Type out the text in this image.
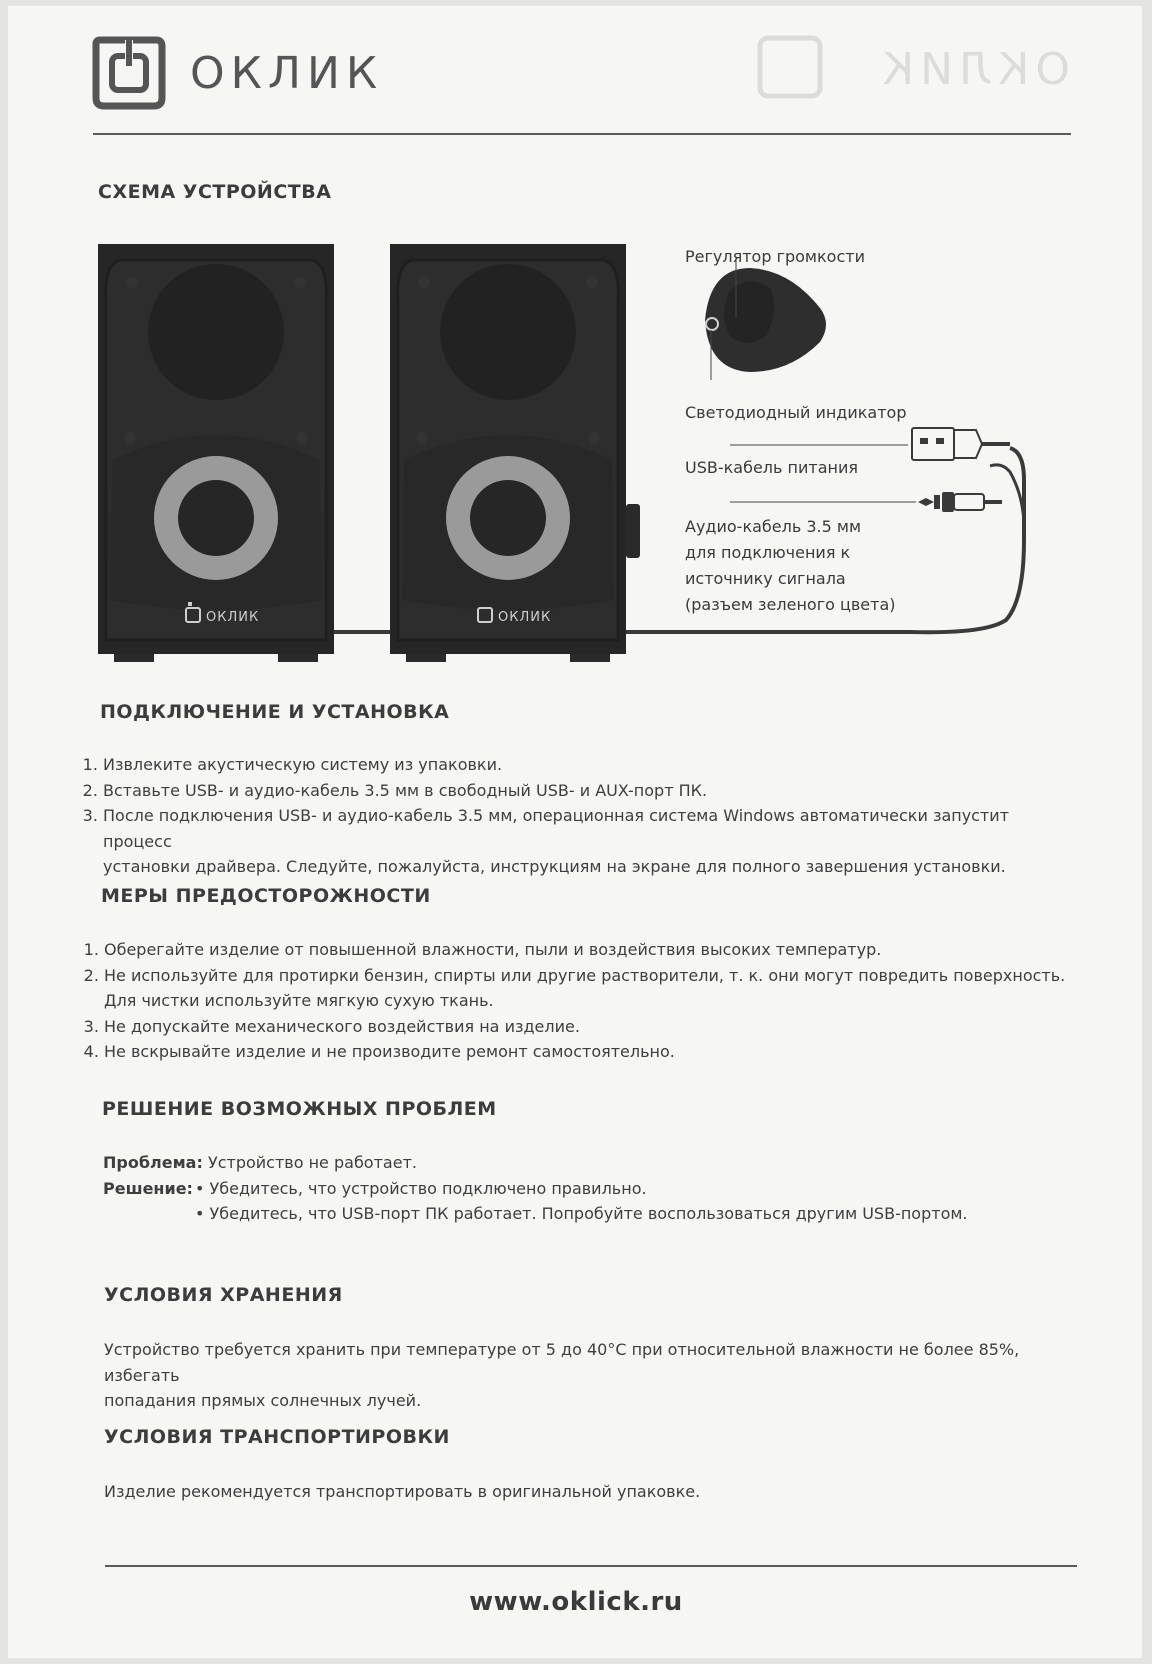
ОКЛИК	ОКЛИК
СХЕМА УСТРОЙСТВА
ОКЛИК	ОКЛИК
Регулятор громкости
Светодиодный индикатор
USB-кабель питания
Аудио-кабель 3.5 мм
для подключения к
источнику сигнала
(разъем зеленого цвета)
ПОДКЛЮЧЕНИЕ И УСТАНОВКА
1. Извлеките акустическую систему из упаковки.
2. Вставьте USB- и аудио-кабель 3.5 мм в свободный USB- и AUX-порт ПК.
3. После подключения USB- и аудио-кабель 3.5 мм, операционная система Windows автоматически запустит процесс
установки драйвера. Следуйте, пожалуйста, инструкциям на экране для полного завершения установки.
МЕРЫ ПРЕДОСТОРОЖНОСТИ
1. Оберегайте изделие от повышенной влажности, пыли и воздействия высоких температур.
2. Не используйте для протирки бензин, спирты или другие растворители, т. к. они могут повредить поверхность.
Для чистки используйте мягкую сухую ткань.
3. Не допускайте механического воздействия на изделие.
4. Не вскрывайте изделие и не производите ремонт самостоятельно.
РЕШЕНИЕ ВОЗМОЖНЫХ ПРОБЛЕМ
Проблема: Устройство не работает.
Решение: • Убедитесь, что устройство подключено правильно.
• Убедитесь, что USB-порт ПК работает. Попробуйте воспользоваться другим USB-портом.
УСЛОВИЯ ХРАНЕНИЯ
Устройство требуется хранить при температуре от 5 до 40°C при относительной влажности не более 85%, избегать
попадания прямых солнечных лучей.
УСЛОВИЯ ТРАНСПОРТИРОВКИ
Изделие рекомендуется транспортировать в оригинальной упаковке.
www.oklick.ru
